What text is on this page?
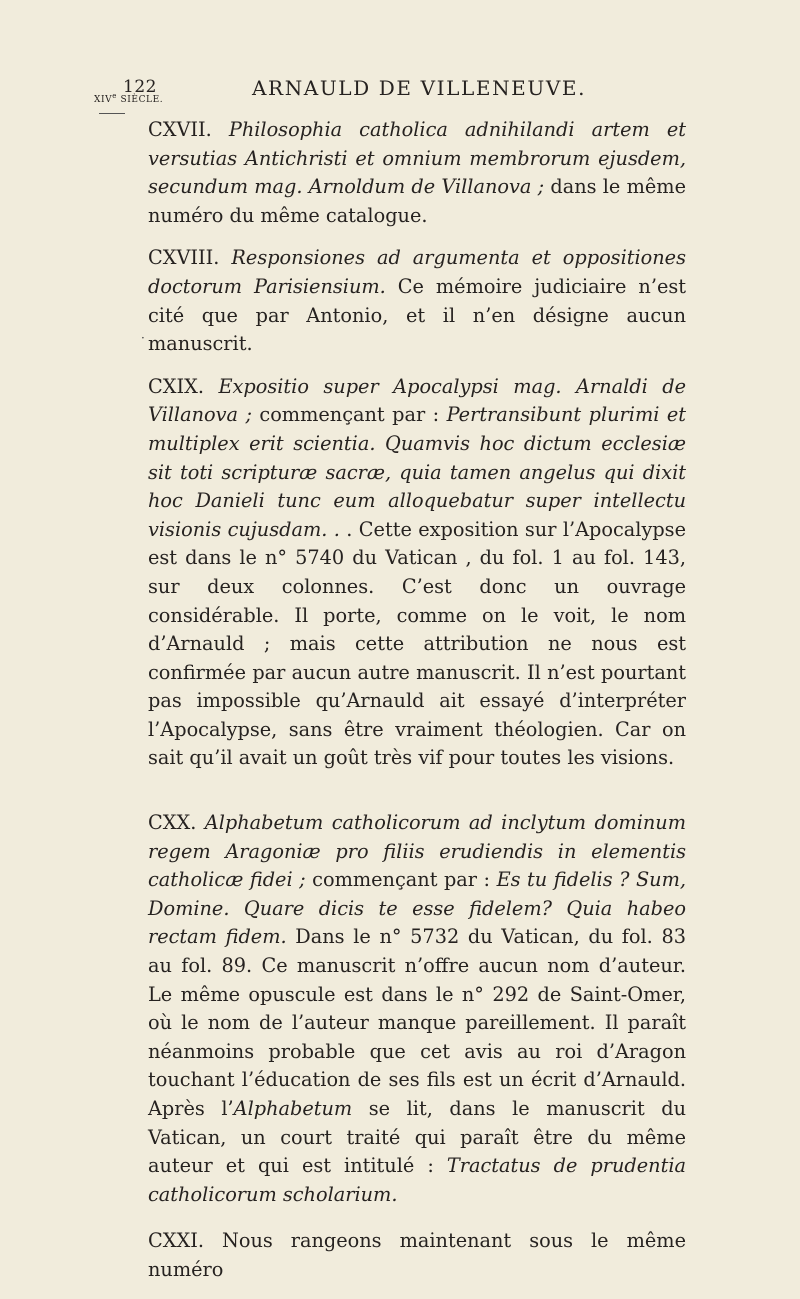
122	ARNAULD DE VILLENEUVE.
XIVe SIÈCLE.
·

CXVII. Philosophia catholica adnihilandi artem et versutias Antichristi et omnium membrorum ejusdem, secundum mag. Arnoldum de Villanova ; dans le même numéro du même catalogue.

CXVIII. Responsiones ad argumenta et oppositiones doctorum Parisiensium. Ce mémoire judiciaire n’est cité que par Antonio, et il n’en désigne aucun manuscrit.

CXIX. Expositio super Apocalypsi mag. Arnaldi de Villanova ; commençant par : Pertransibunt plurimi et multiplex erit scientia. Quamvis hoc dictum ecclesiæ sit toti scripturæ sacræ, quia tamen angelus qui dixit hoc Danieli tunc eum alloquebatur super intellectu visionis cujusdam. . . Cette exposition sur l’Apocalypse est dans le n° 5740 du Vatican , du fol. 1 au fol. 143, sur deux colonnes. C’est donc un ouvrage considérable. Il porte, comme on le voit, le nom d’Arnauld ; mais cette attribution ne nous est confirmée par aucun autre manuscrit. Il n’est pourtant pas impossible qu’Arnauld ait essayé d’interpréter l’Apocalypse, sans être vraiment théologien. Car on sait qu’il avait un goût très vif pour toutes les visions.

CXX. Alphabetum catholicorum ad inclytum dominum regem Aragoniæ pro filiis erudiendis in elementis catholicæ fidei ; commençant par : Es tu fidelis ? Sum, Domine. Quare dicis te esse fidelem? Quia habeo rectam fidem. Dans le n° 5732 du Vatican, du fol. 83 au fol. 89. Ce manuscrit n’offre aucun nom d’auteur. Le même opuscule est dans le n° 292 de Saint-Omer, où le nom de l’auteur manque pareillement. Il paraît néanmoins probable que cet avis au roi d’Aragon touchant l’éducation de ses fils est un écrit d’Arnauld. Après l’Alphabetum se lit, dans le manuscrit du Vatican, un court traité qui paraît être du même auteur et qui est intitulé : Tractatus de prudentia catholicorum scholarium.

CXXI. Nous rangeons maintenant sous le même numéro
